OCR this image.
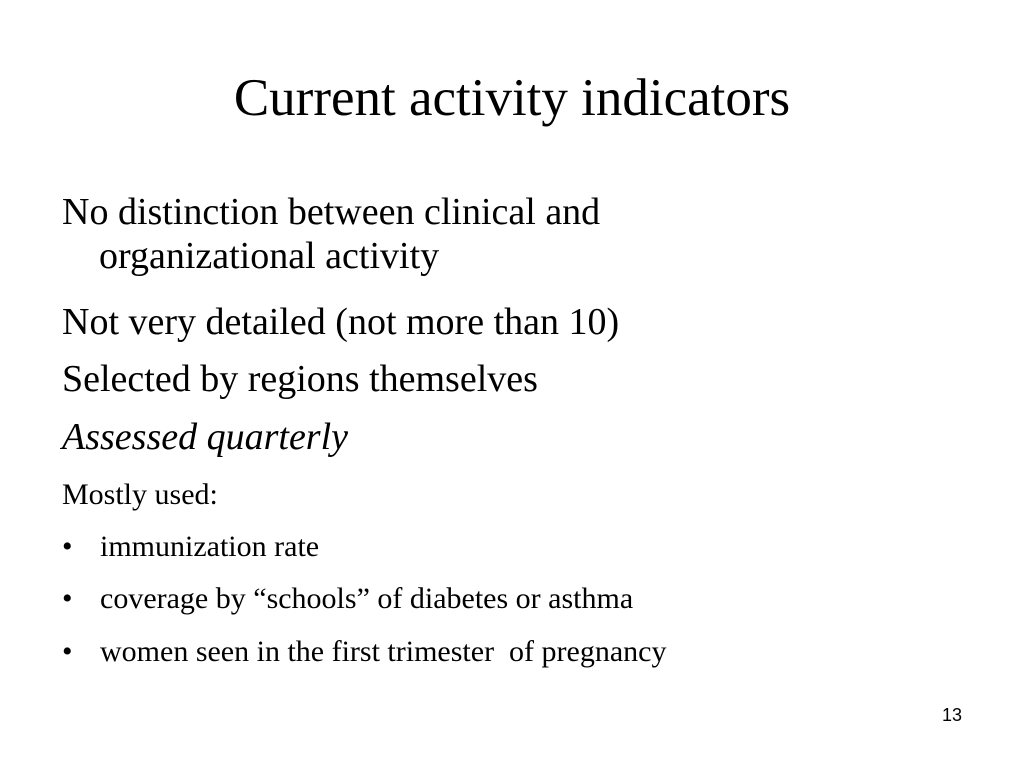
Current activity indicators

No distinction between clinical and organizational activity

Not very detailed (not more than 10)

Selected by regions themselves

Assessed quarterly

Mostly used:

• immunization rate
• coverage by “schools” of diabetes or asthma
• women seen in the first trimester  of pregnancy
13
